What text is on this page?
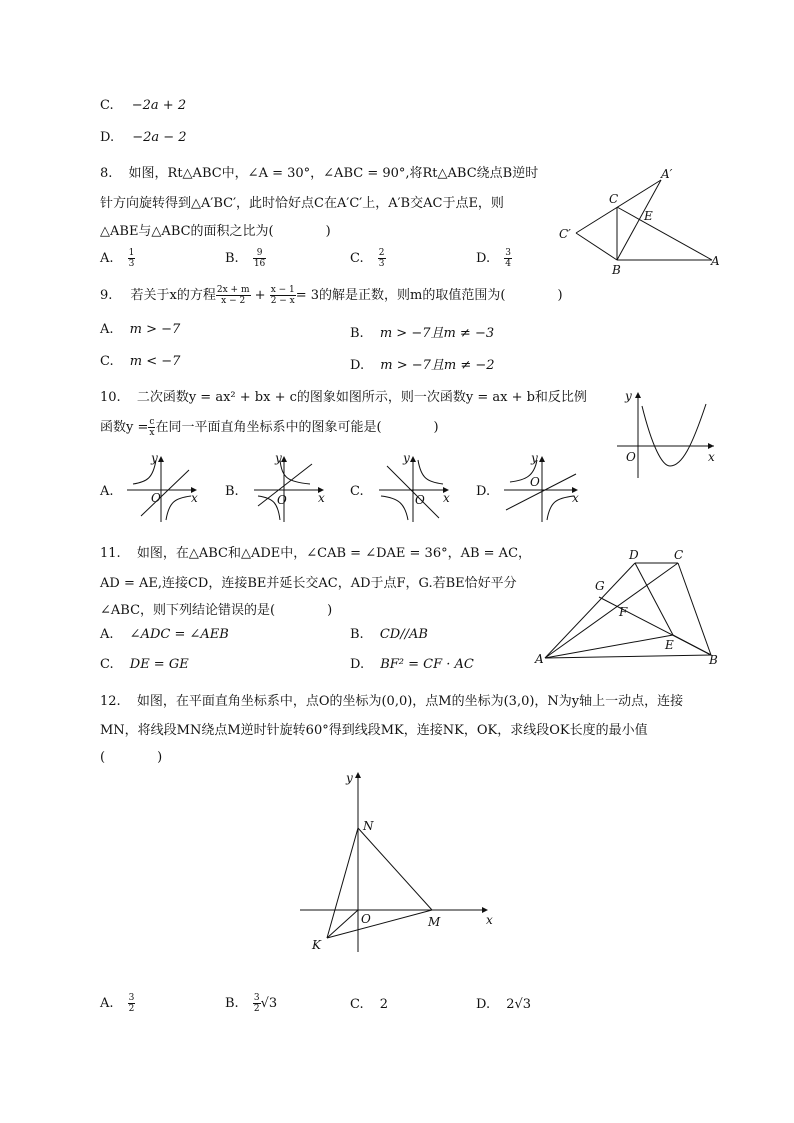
C. −2a + 2
D. −2a − 2
8. 如图，Rt△ABC中，∠A = 30°，∠ABC = 90°,将Rt△ABC绕点B逆时
针方向旋转得到△A′BC′，此时恰好点C在A′C′上，A′B交AC于点E，则
△ABE与△ABC的面积之比为(　　　　)
A. $\frac{1}{3}$	B. $\frac{9}{16}$	C. $\frac{2}{3}$	D. $\frac{3}{4}$
A′
C
E
C′
B
A
9. 若关于x的方程 $\frac{2x + m}{x - 2} + \frac{x - 1}{2 - x} = 3$的解是正数，则m的取值范围为(　　　　)
A. m > −7	B. m > −7且m ≠ −3
C. m < −7	D. m > −7且m ≠ −2
10. 二次函数y = ax² + bx + c的图象如图所示，则一次函数y = ax + b和反比例
函数$y = \frac{c}{x}$ 在同一平面直角坐标系中的图象可能是(　　　　)
y
x
O
A.
y
x
O	B.
y
x
O
C.
y
x
O
D.
y
x
O
11. 如图，在△ABC和△ADE中，∠CAB = ∠DAE = 36°，AB = AC，
AD = AE,连接CD，连接BE并延长交AC，AD于点F，G.若BE恰好平分
∠ABC，则下列结论错误的是(　　　　)
A. ∠ADC = ∠AEB	B. CD//AB
C. DE = GE	D. BF² = CF · AC
D	C
G
F
E
A	B
12. 如图，在平面直角坐标系中，点O的坐标为(0,0)，点M的坐标为(3,0)，N为y轴上一动点，连接
MN，将线段MN绕点M逆时针旋转60°得到线段MK，连接NK，OK，求线段OK长度的最小值
(　　　　)
y
N
O	M	x
K
A. $\frac{3}{2}$	B. $\frac{3}{2} √3$	C. 2	D. 2√3
